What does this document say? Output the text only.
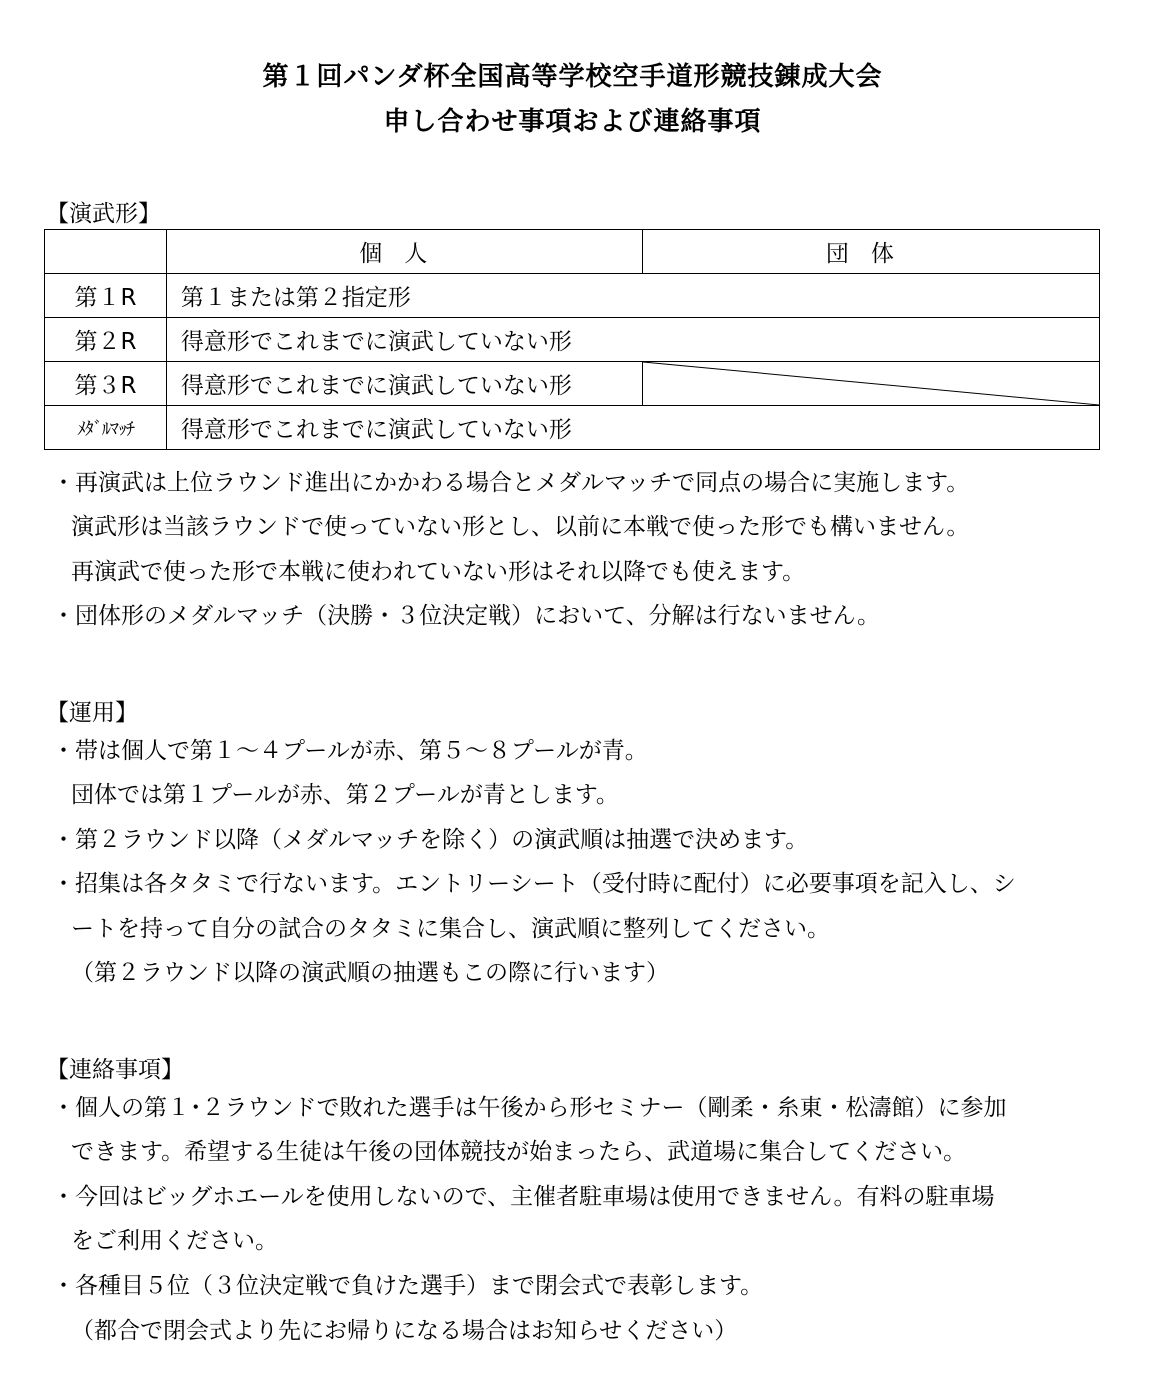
第１回パンダ杯全国高等学校空手道形競技錬成大会
申し合わせ事項および連絡事項
【演武形】
	個人	団体
第１R	第１または第２指定形	
第２R	得意形でこれまでに演武していない形	
第３R	得意形でこれまでに演武していない形	

ﾒﾀﾞﾙﾏｯﾁ	得意形でこれまでに演武していない形	
・再演武は上位ラウンド進出にかかわる場合とメダルマッチで同点の場合に実施します。
演武形は当該ラウンドで使っていない形とし、以前に本戦で使った形でも構いません。
再演武で使った形で本戦に使われていない形はそれ以降でも使えます。
・団体形のメダルマッチ（決勝・３位決定戦）において、分解は行ないません。
【運用】
・帯は個人で第１～４プールが赤、第５～８プールが青。
団体では第１プールが赤、第２プールが青とします。
・第２ラウンド以降（メダルマッチを除く）の演武順は抽選で決めます。
・招集は各タタミで行ないます。エントリーシート（受付時に配付）に必要事項を記入し、シ
ートを持って自分の試合のタタミに集合し、演武順に整列してください。
（第２ラウンド以降の演武順の抽選もこの際に行います）
【連絡事項】
・個人の第１･２ラウンドで敗れた選手は午後から形セミナー（剛柔・糸東・松濤館）に参加
できます。希望する生徒は午後の団体競技が始まったら、武道場に集合してください。
・今回はビッグホエールを使用しないので、主催者駐車場は使用できません。有料の駐車場
をご利用ください。
・各種目５位（３位決定戦で負けた選手）まで閉会式で表彰します。
（都合で閉会式より先にお帰りになる場合はお知らせください）
